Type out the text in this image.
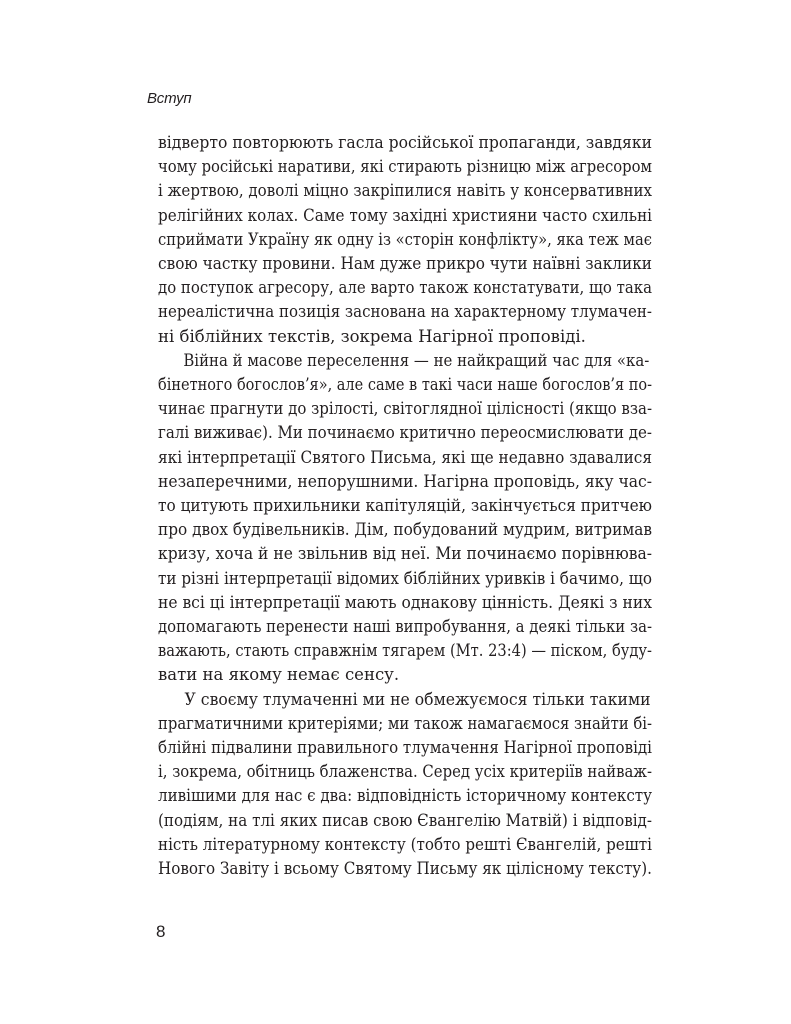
Вступ

відверто повторюють гасла російської пропаганди, завдяки
чому російські наративи, які стирають різницю між агресором
і жертвою, доволі міцно закріпилися навіть у консервативних
релігійних колах. Саме тому західні християни часто схильні
сприймати Україну як одну із «сторін конфлікту», яка теж має
свою частку провини. Нам дуже прикро чути наївні заклики
до поступок агресору, але варто також констатувати, що така
нереалістична позиція заснована на характерному тлумачен-
ні біблійних текстів, зокрема Нагірної проповіді.

Війна й масове переселення — не найкращий час для «ка-
бінетного богослов’я», але саме в такі часи наше богослов’я по-
чинає прагнути до зрілості, світоглядної цілісності (якщо взa-
галі виживає). Ми починаємо критично переосмислювати де-
які інтерпретації Святого Письма, які ще недавно здавалися
незаперечними, непорушними. Нагірна проповідь, яку час-
то цитують прихильники капітуляцій, закінчується притчею
про двох будівельників. Дім, побудований мудрим, витримав
кризу, хоча й не звільнив від неї. Ми починаємо порівнюва-
ти різні інтерпретації відомих біблійних уривків і бачимо, що
не всі ці інтерпретації мають однакову цінність. Деякі з них
допомагають перенести наші випробування, а деякі тільки за-
важають, стають справжнім тягарем (Мт. 23:4) — піском, буду-
вати на якому немає сенсу.

У своєму тлумаченні ми не обмежуємося тільки такими
прагматичними критеріями; ми також намагаємося знайти бі-
блійні підвалини правильного тлумачення Нагірної проповіді
і, зокрема, обітниць блаженства. Серед усіх критеріїв найваж-
ливішими для нас є два: відповідність історичному контексту
(подіям, на тлі яких писав свою Євангелію Матвій) і відповід-
ність літературному контексту (тобто решті Євангелій, решті
Нового Завіту і всьому Святому Письму як цілісному тексту).

8
